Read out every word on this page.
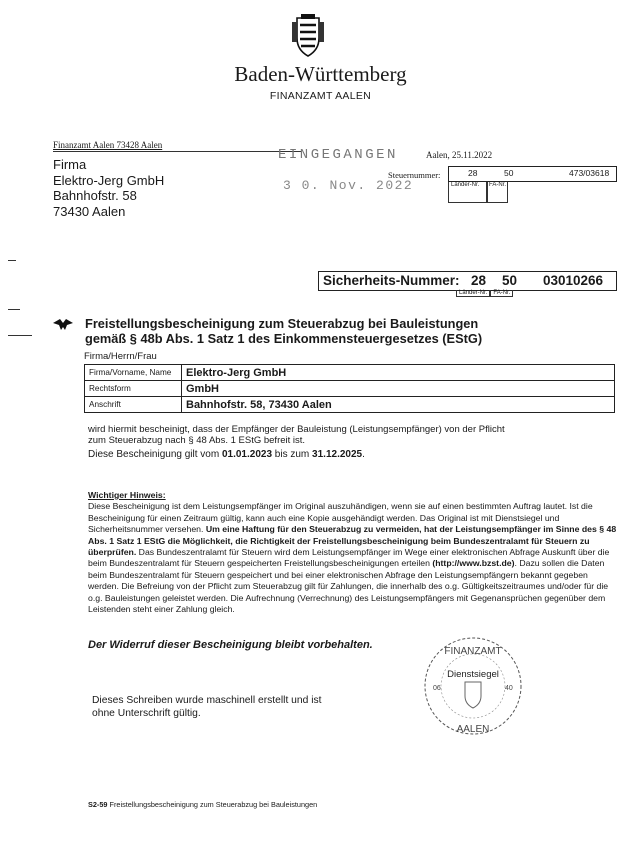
Baden-Württemberg
FINANZAMT AALEN
Finanzamt Aalen 73428 Aalen
Firma
Elektro-Jerg GmbH
Bahnhofstr. 58
73430 Aalen
EINGEGANGEN
3 0. Nov. 2022
Aalen, 25.11.2022
Steuernummer:	28	50	473/03618
Länder-Nr.	FA-Nr.
Sicherheits-Nummer: 28 50 03010266
Länder-Nr. FA-Nr.
Freistellungsbescheinigung zum Steuerabzug bei Bauleistungen
gemäß § 48b Abs. 1 Satz 1 des Einkommensteuergesetzes (EStG)
Firma/Herrn/Frau
Firma/Vorname, Name	Elektro-Jerg GmbH
Rechtsform	GmbH
Anschrift	Bahnhofstr. 58, 73430 Aalen
wird hiermit bescheinigt, dass der Empfänger der Bauleistung (Leistungsempfänger) von der Pflicht
zum Steuerabzug nach § 48 Abs. 1 EStG befreit ist.
Diese Bescheinigung gilt vom 01.01.2023 bis zum 31.12.2025.
Wichtiger Hinweis:
Diese Bescheinigung ist dem Leistungsempfänger im Original auszuhändigen, wenn sie auf einen bestimmten Auftrag lautet. Ist die Bescheinigung für einen Zeitraum gültig, kann auch eine Kopie ausgehändigt werden. Das Original ist mit Dienstsiegel und Sicherheitsnummer versehen. Um eine Haftung für den Steuerabzug zu vermeiden, hat der Leistungsempfänger im Sinne des § 48 Abs. 1 Satz 1 EStG die Möglichkeit, die Richtigkeit der Freistellungsbescheinigung beim Bundeszentralamt für Steuern zu überprüfen. Das Bundeszentralamt für Steuern wird dem Leistungsempfänger im Wege einer elektronischen Abfrage Auskunft über die beim Bundeszentralamt für Steuern gespeicherten Freistellungsbescheinigungen erteilen (http://www.bzst.de). Dazu sollen die Daten beim Bundeszentralamt für Steuern gespeichert und bei einer elektronischen Abfrage den Leistungsempfängern bekannt gegeben werden. Die Befreiung von der Pflicht zum Steuerabzug gilt für Zahlungen, die innerhalb des o.g. Gültigkeitszeitraumes und/oder für die o.g. Bauleistungen geleistet werden. Die Aufrechnung (Verrechnung) des Leistungsempfängers mit Gegenansprüchen gegenüber dem Leistenden steht einer Zahlung gleich.
Der Widerruf dieser Bescheinigung bleibt vorbehalten.
FINANZAMT
Dienstsiegel
AALEN
06	40
Dieses Schreiben wurde maschinell erstellt und ist
ohne Unterschrift gültig.
S2-59 Freistellungsbescheinigung zum Steuerabzug bei Bauleistungen
